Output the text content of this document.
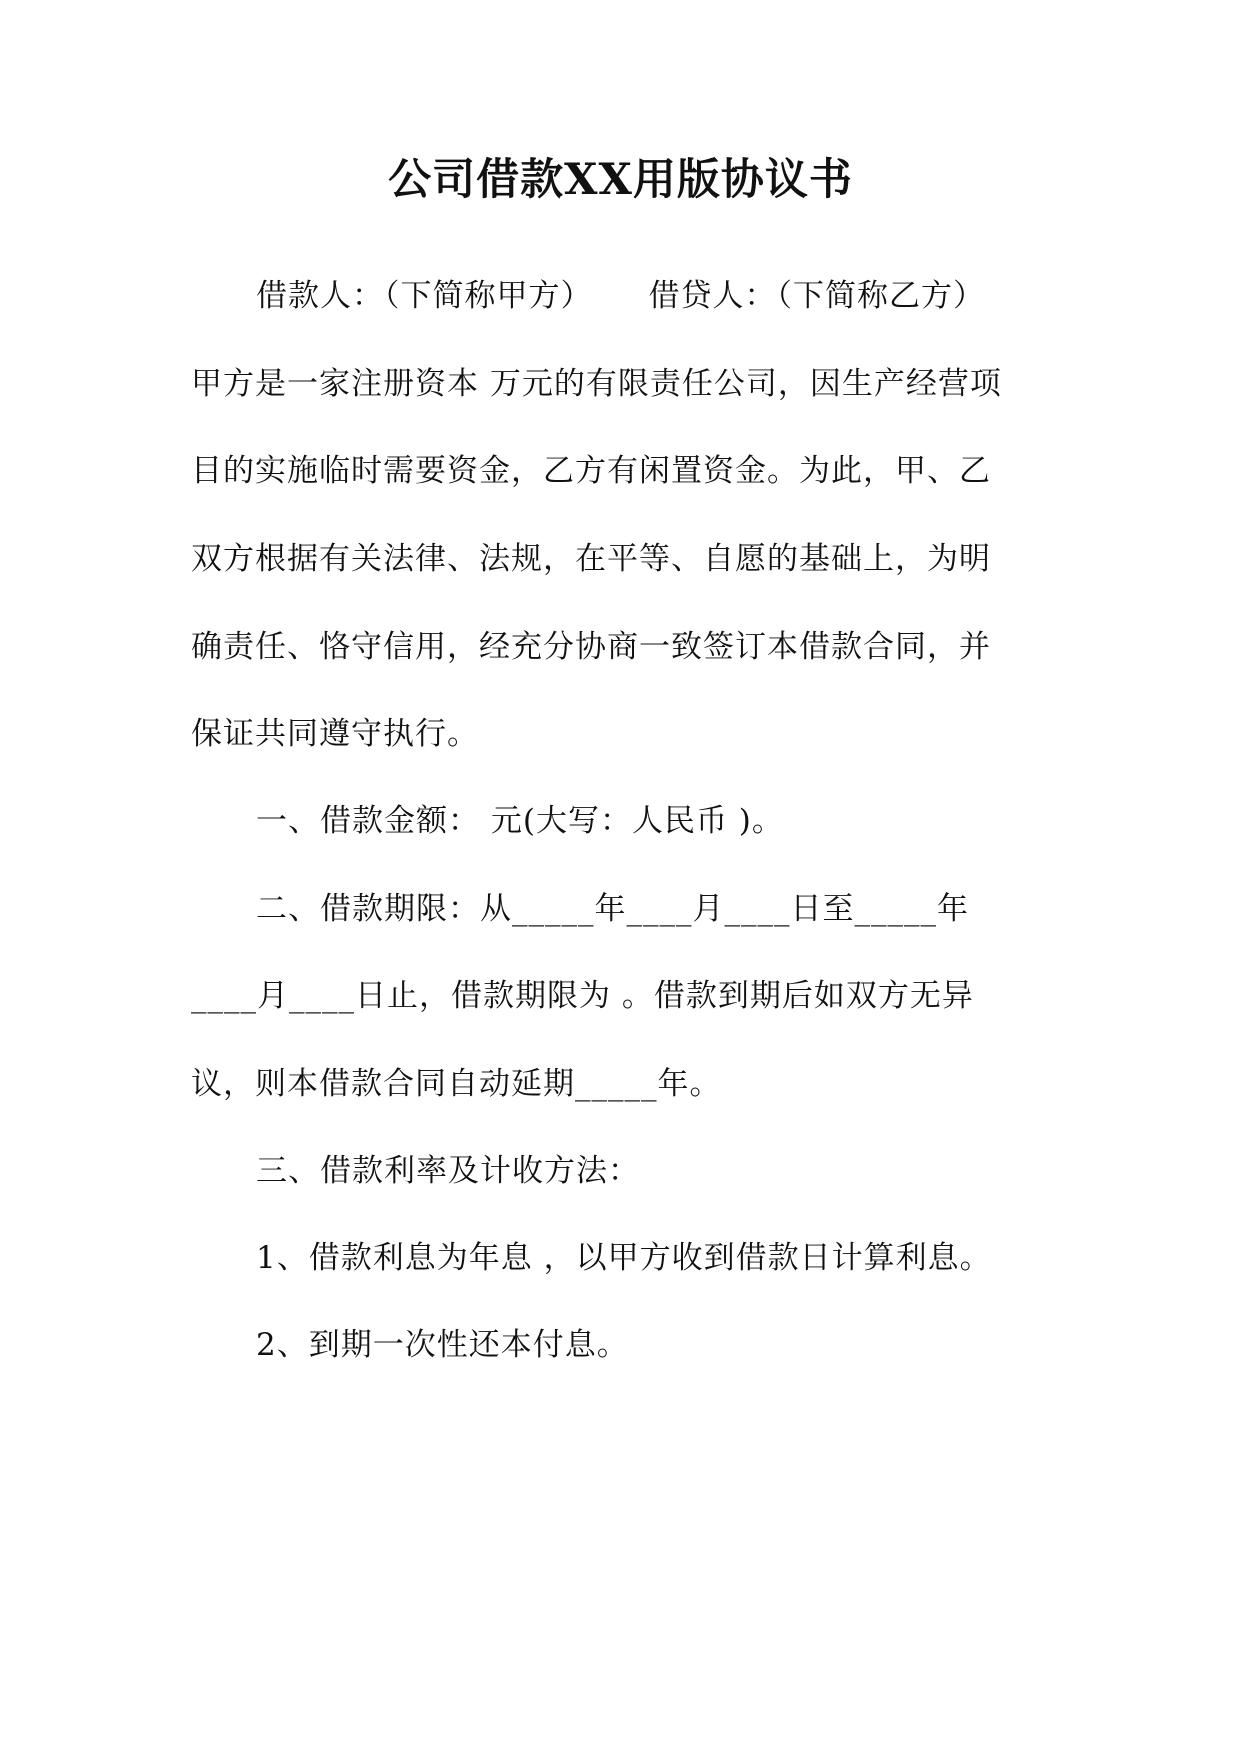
公司借款XX用版协议书
借款人：（下简称甲方） 借贷人：（下简称乙方）
甲方是一家注册资本 万元的有限责任公司，因生产经营项
目的实施临时需要资金，乙方有闲置资金。为此，甲、乙
双方根据有关法律、法规，在平等、自愿的基础上，为明
确责任、恪守信用，经充分协商一致签订本借款合同，并
保证共同遵守执行。
一、借款金额： 元(大写：人民币 )。
二、借款期限：从_____年____月____日至_____年
____月____日止，借款期限为 。借款到期后如双方无异
议，则本借款合同自动延期_____年。
三、借款利率及计收方法：
1、借款利息为年息 ，以甲方收到借款日计算利息。
2、到期一次性还本付息。
